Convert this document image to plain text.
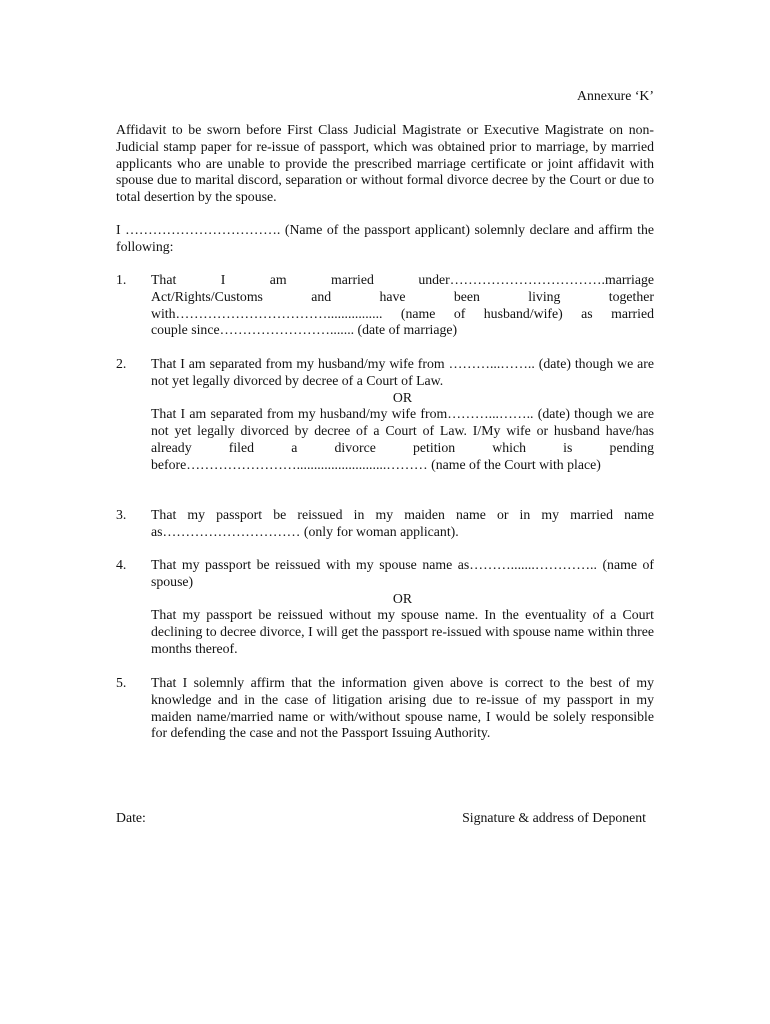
Annexure ‘K’
Affidavit to be sworn before First Class Judicial Magistrate or Executive Magistrate on non-Judicial stamp paper for re-issue of passport, which was obtained prior to marriage, by married applicants who are unable to provide the prescribed marriage certificate or joint affidavit with spouse due to marital discord, separation or without formal divorce decree by the Court or due to total desertion by the spouse.
I ……………………………. (Name of the passport applicant) solemnly declare and affirm the following:
1.	That I am married under…………………………….marriage
Act/Rights/Customs and have been living together
with……………………………................ (name of husband/wife) as married
couple since……………………....... (date of marriage)
2.	That I am separated from my husband/my wife from ………...…….. (date) though we are not yet legally divorced by decree of a Court of Law.
OR
That I am separated from my husband/my wife from………...…….. (date) though we are not yet legally divorced by decree of a Court of Law. I/My wife or husband have/has already filed a divorce petition which is pending before……………………..........................……… (name of the Court with place)
3.	That my passport be reissued in my maiden name or in my married name as………………………… (only for woman applicant).
4.	That my passport be reissued with my spouse name as……….......………….. (name of spouse)
OR
That my passport be reissued without my spouse name. In the eventuality of a Court declining to decree divorce, I will get the passport re-issued with spouse name within three months thereof.
5.	That I solemnly affirm that the information given above is correct to the best of my knowledge and in the case of litigation arising due to re-issue of my passport in my maiden name/married name or with/without spouse name, I would be solely responsible for defending the case and not the Passport Issuing Authority.
Date:	Signature & address of Deponent
